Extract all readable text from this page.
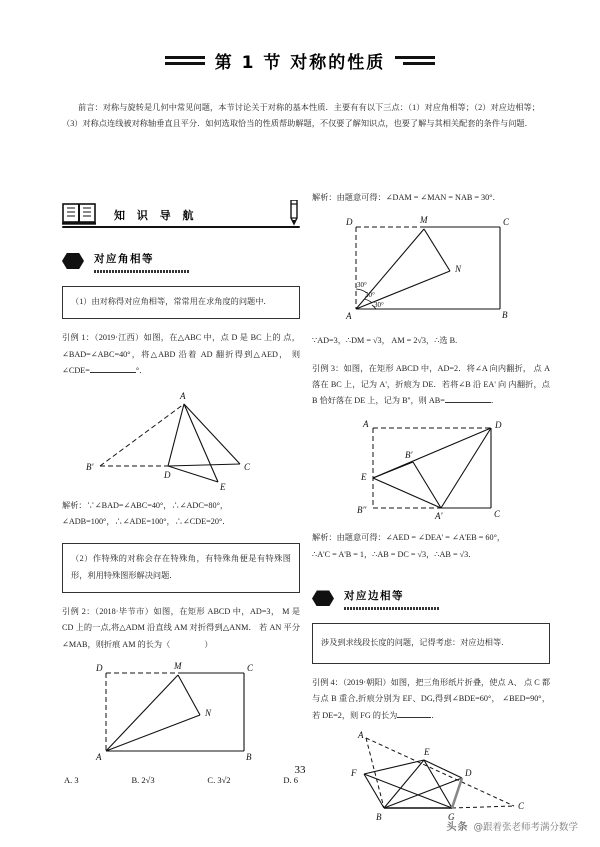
第 1 节 对称的性质
前言：对称与旋转是几何中常见问题，本节讨论关于对称的基本性质．主要有有以下三点：（1）对应角相等；（2）对应边相等；（3）对称点连线被对称轴垂直且平分．如何选取恰当的性质帮助解题，不仅要了解知识点，也要了解与其相关配套的条件与问题．
知 识 导 航
对应角相等
（1）由对称得对应角相等，常常用在求角度的问题中．
引例 1：（2019·江西）如图，在△ABC 中，点 D 是 BC 上的 点，∠BAD=∠ABC=40°，将△ABD 沿着 AD 翻折得到△AED， 则∠CDE=	°．
A
B'
D
C
E
解析：∵∠BAD=∠ABC=40°，∴∠ADC=80°，
∠ADB=100°，∴∠ADE=100°，∴∠CDE=20°．
（2）作特殊的对称会存在特殊角，有特殊角便是有特殊图形，利用特殊图形解决问题．
引例 2：（2018·毕节市）如图，在矩形 ABCD 中，AD=3， M 是 CD 上的一点,将△ADM 沿直线 AM 对折得到△ANM． 若 AN 平分∠MAB，则折痕 AM 的长为（	）
D	M	C
N
A	B
A. 3	B. 2√3	C. 3√2	D. 6
解析：由题意可得：∠DAM = ∠MAN = NAB = 30°．
D	M	C
N
A	B
30°
30°
30°
∵AD=3，∴DM = √3， AM = 2√3，∴选 B.
引例 3：如图，在矩形 ABCD 中，AD=2．将∠A 向内翻折， 点 A 落在 BC 上，记为 A'，折痕为 DE．若将∠B 沿 EA' 向 内翻折，点 B 恰好落在 DE 上，记为 B''，则 AB=	．
A	D
B'
E
B''
A'	C
解析：由题意可得：∠AED = ∠DEA' = ∠A'EB = 60°，
∴A'C = A'B = 1，∴AB = DC = √3，∴AB = √3．
对应边相等
涉及到求线段长度的问题，记得考虑：对应边相等．
引例 4：（2019·朝阳）如图，把三角形纸片折叠，使点 A、 点 C 都与点 B 重合,折痕分别为 EF、DG,得到∠BDE=60°， ∠BED=90°，若 DE=2，则 FG 的长为	．
A
E
F	D
B	G
C
33
头条 @跟着张老师考满分数学
